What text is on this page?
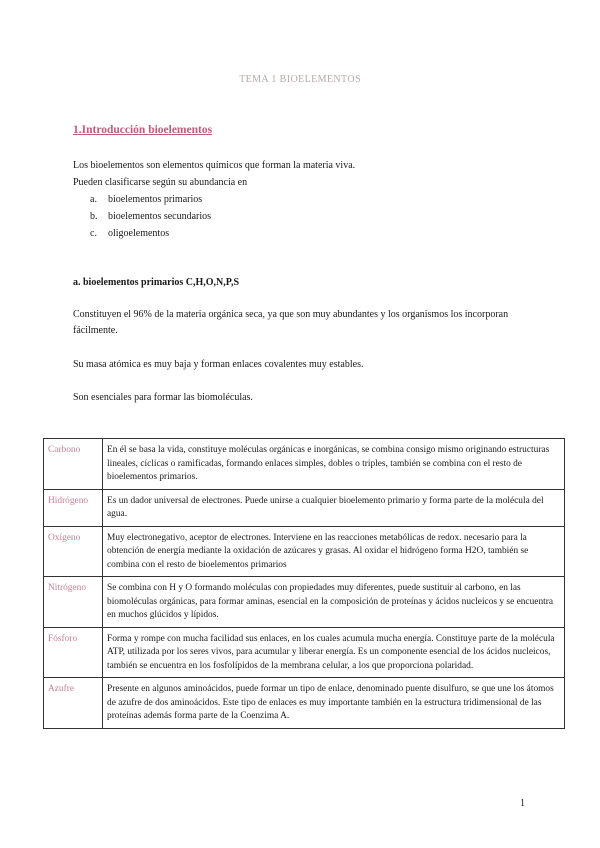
TEMA 1 BIOELEMENTOS
1.Introducción bioelementos

Los bioelementos son elementos químicos que forman la materia viva.

Pueden clasificarse según su abundancia en

a.	bioelementos primarios
b.	bioelementos secundarios
c.	oligoelementos
a. bioelementos primarios C,H,O,N,P,S

Constituyen el 96% de la materia orgánica seca, ya que son muy abundantes y los organismos los incorporan fácilmente.

Su masa atómica es muy baja y forman enlaces covalentes muy estables.

Son esenciales para formar las biomoléculas.

Carbono	En él se basa la vida, constituye moléculas orgánicas e inorgánicas, se combina consigo mismo originando estructuras lineales, cíclicas o ramificadas, formando enlaces simples, dobles o triples, también se combina con el resto de bioelementos primarios.
Hidrógeno	Es un dador universal de electrones. Puede unirse a cualquier bioelemento primario y forma parte de la molécula del agua.
Oxígeno	Muy electronegativo, aceptor de electrones. Interviene en las reacciones metabólicas de redox. necesario para la obtención de energía mediante la oxidación de azúcares y grasas. Al oxidar el hidrógeno forma H2O, también se combina con el resto de bioelementos primarios
Nitrógeno	Se combina con H y O formando moléculas con propiedades muy diferentes, puede sustituir al carbono, en las biomoléculas orgánicas, para formar aminas, esencial en la composición de proteínas y ácidos nucleicos y se encuentra en muchos glúcidos y lípidos.
Fósforo	Forma y rompe con mucha facilidad sus enlaces, en los cuales acumula mucha energía. Constituye parte de la molécula ATP, utilizada por los seres vivos, para acumular y liberar energía. Es un componente esencial de los ácidos nucleicos, también se encuentra en los fosfolípidos de la membrana celular, a los que proporciona polaridad.
Azufre	Presente en algunos aminoácidos, puede formar un tipo de enlace, denominado puente disulfuro, se que une los átomos de azufre de dos aminoácidos. Este tipo de enlaces es muy importante también en la estructura tridimensional de las proteínas además forma parte de la Coenzima A.
1
